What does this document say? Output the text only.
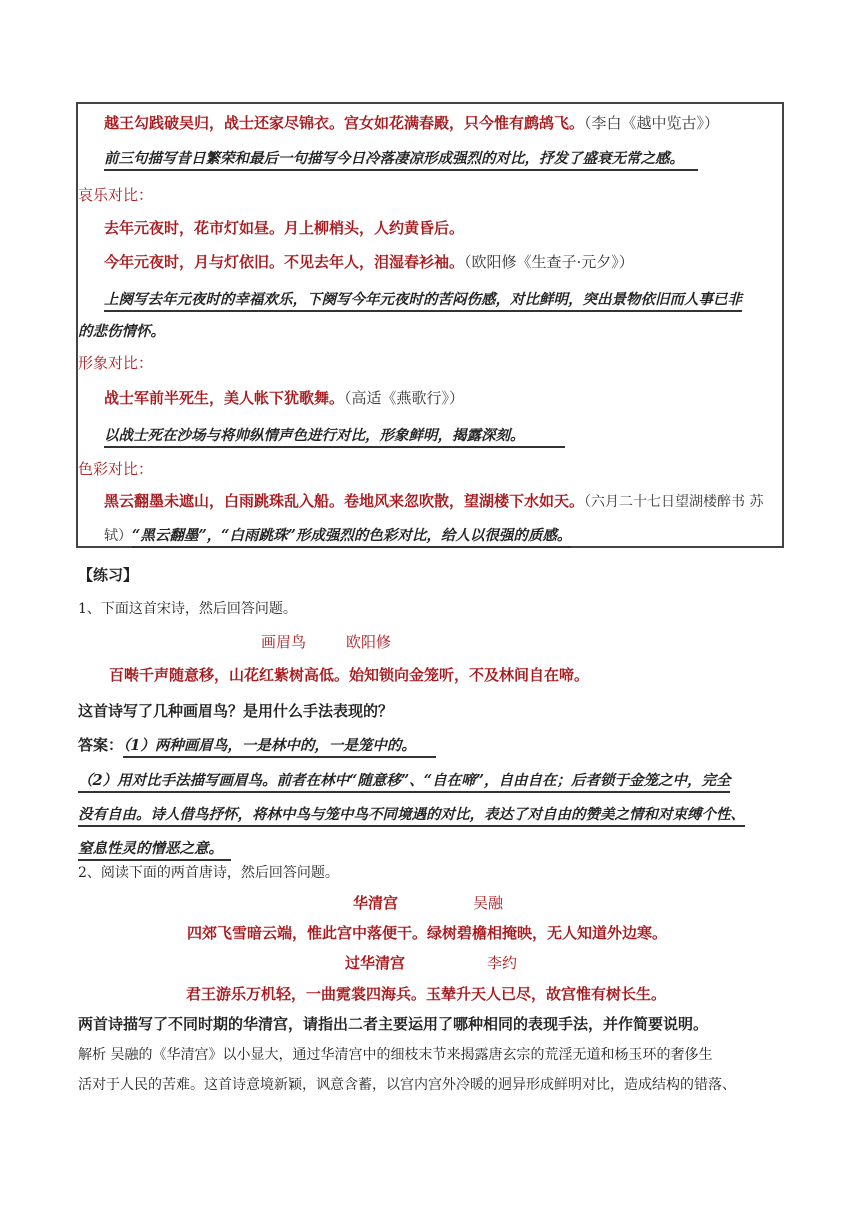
越王勾践破吴归，战士还家尽锦衣。宫女如花满春殿，只今惟有鹧鸪飞。（李白《越中览古》）
前三句描写昔日繁荣和最后一句描写今日冷落凄凉形成强烈的对比，抒发了盛衰无常之感。
哀乐对比：
去年元夜时，花市灯如昼。月上柳梢头，人约黄昏后。
今年元夜时，月与灯依旧。不见去年人，泪湿春衫袖。（欧阳修《生查子·元夕》）
上阕写去年元夜时的幸福欢乐，下阕写今年元夜时的苦闷伤感，对比鲜明，突出景物依旧而人事已非
的悲伤情怀。
形象对比：
战士军前半死生，美人帐下犹歌舞。（高适《燕歌行》）
以战士死在沙场与将帅纵情声色进行对比，形象鲜明，揭露深刻。
色彩对比：
黑云翻墨未遮山，白雨跳珠乱入船。卷地风来忽吹散，望湖楼下水如天。（六月二十七日望湖楼醉书 苏
轼）“黑云翻墨”，“白雨跳珠”形成强烈的色彩对比，给人以很强的质感。
【练习】
1、下面这首宋诗，然后回答问题。
画眉鸟	欧阳修
百啭千声随意移，山花红紫树高低。始知锁向金笼听，不及林间自在啼。
这首诗写了几种画眉鸟？是用什么手法表现的？
答案：（1）两种画眉鸟，一是林中的，一是笼中的。
（2）用对比手法描写画眉鸟。前者在林中“随意移”、“自在啼”，自由自在；后者锁于金笼之中，完全
没有自由。诗人借鸟抒怀，将林中鸟与笼中鸟不同境遇的对比，表达了对自由的赞美之情和对束缚个性、
窒息性灵的憎恶之意。
2、阅读下面的两首唐诗，然后回答问题。
华清宫	吴融
四郊飞雪暗云端，惟此宫中落便干。绿树碧檐相掩映，无人知道外边寒。
过华清宫	李约
君王游乐万机轻，一曲霓裳四海兵。玉辇升天人已尽，故宫惟有树长生。
两首诗描写了不同时期的华清宫，请指出二者主要运用了哪种相同的表现手法，并作简要说明。
解析 吴融的《华清宫》以小显大，通过华清宫中的细枝末节来揭露唐玄宗的荒淫无道和杨玉环的奢侈生
活对于人民的苦难。这首诗意境新颖，讽意含蓄，以宫内宫外冷暖的迥异形成鲜明对比，造成结构的错落、
